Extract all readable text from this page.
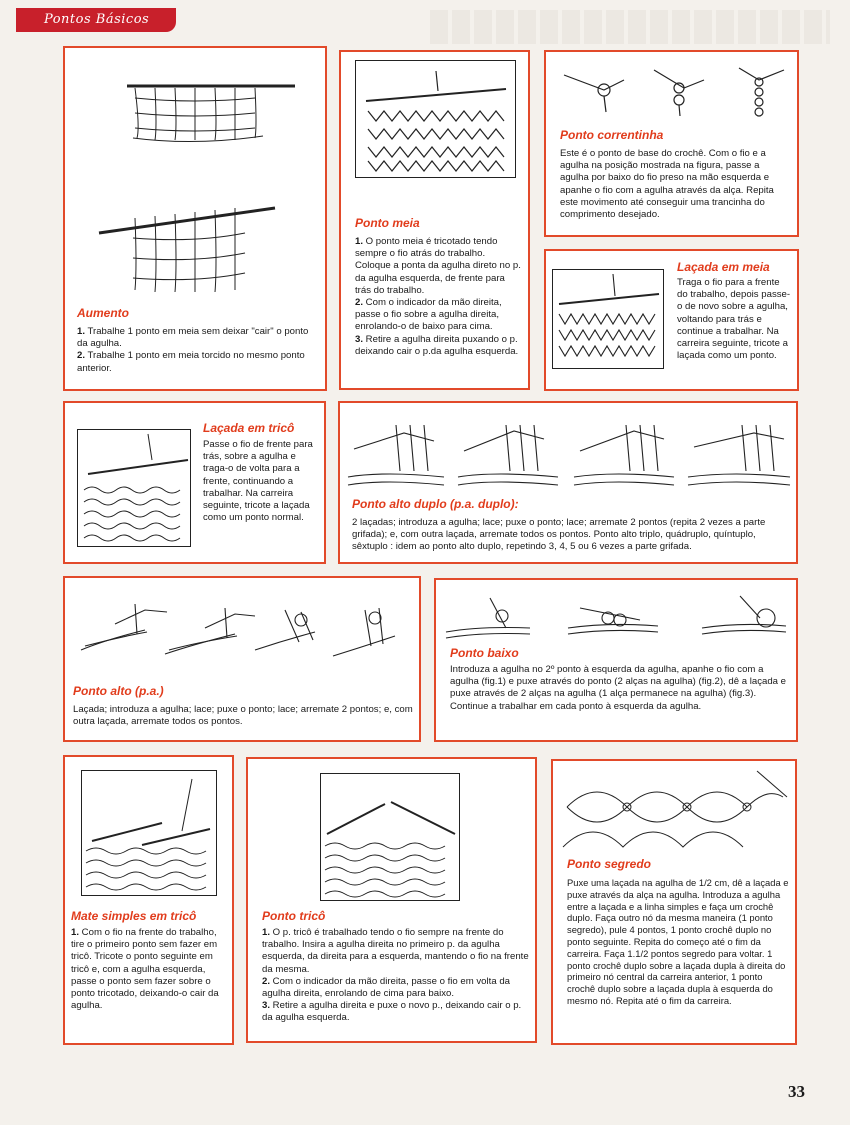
Pontos Básicos
Aumento
1. Trabalhe 1 ponto em meia sem deixar "cair" o ponto da agulha.
2. Trabalhe 1 ponto em meia torcido no mesmo ponto anterior.
Ponto meia
1. O ponto meia é tricotado tendo sempre o fio atrás do trabalho. Coloque a ponta da agulha direto no p. da agulha esquerda, de frente para trás do trabalho.
2. Com o indicador da mão direita, passe o fio sobre a agulha direita, enrolando-o de baixo para cima.
3. Retire a agulha direita puxando o p. deixando cair o p.da agulha esquerda.
Ponto correntinha
Este é o ponto de base do crochê. Com o fio e a agulha na posição mostrada na figura, passe a agulha por baixo do fio preso na mão esquerda e apanhe o fio com a agulha através da alça. Repita este movimento até conseguir uma trancinha do comprimento desejado.
Laçada em meia
Traga o fio para a frente do trabalho, depois passe-o de novo sobre a agulha, voltando para trás e continue a trabalhar. Na carreira seguinte, tricote a laçada como um ponto.
Laçada em tricô
Passe o fio de frente para trás, sobre a agulha e traga-o de volta para a frente, continuando a trabalhar. Na carreira seguinte, tricote a laçada como um ponto normal.
Ponto alto duplo (p.a. duplo):
2 laçadas; introduza a agulha; lace; puxe o ponto; lace; arremate 2 pontos (repita 2 vezes a parte grifada); e, com outra laçada, arremate todos os pontos. Ponto alto triplo, quádruplo, quíntuplo, sêxtuplo : idem ao ponto alto duplo, repetindo 3, 4, 5 ou 6 vezes a parte grifada.
Ponto alto (p.a.)
Laçada; introduza a agulha; lace; puxe o ponto; lace; arremate 2 pontos; e, com outra laçada, arremate todos os pontos.
Ponto baixo
Introduza a agulha no 2º ponto à esquerda da agulha, apanhe o fio com a agulha (fig.1) e puxe através do ponto (2 alças na agulha) (fig.2), dê a laçada e puxe através de 2 alças na agulha (1 alça permanece na agulha) (fig.3). Continue a trabalhar em cada ponto à esquerda da agulha.
Mate simples em tricô
1. Com o fio na frente do trabalho, tire o primeiro ponto sem fazer em tricô. Tricote o ponto seguinte em tricô e, com a agulha esquerda, passe o ponto sem fazer sobre o ponto tricotado, deixando-o cair da agulha.
Ponto tricô
1. O p. tricô é trabalhado tendo o fio sempre na frente do trabalho. Insira a agulha direita no primeiro p. da agulha esquerda, da direita para a esquerda, mantendo o fio na frente da mesma.
2. Com o indicador da mão direita, passe o fio em volta da agulha direita, enrolando de cima para baixo.
3. Retire a agulha direita e puxe o novo p., deixando cair o p. da agulha esquerda.
Ponto segredo
Puxe uma laçada na agulha de 1/2 cm, dê a laçada e puxe através da alça na agulha. Introduza a agulha entre a laçada e a linha simples e faça um crochê duplo. Faça outro nó da mesma maneira (1 ponto segredo), pule 4 pontos, 1 ponto crochê duplo no ponto seguinte. Repita do começo até o fim da carreira. Faça 1.1/2 pontos segredo para voltar. 1 ponto crochê duplo sobre a laçada dupla à direita do primeiro nó central da carreira anterior, 1 ponto crochê duplo sobre a laçada dupla à esquerda do mesmo nó. Repita até o fim da carreira.
33
